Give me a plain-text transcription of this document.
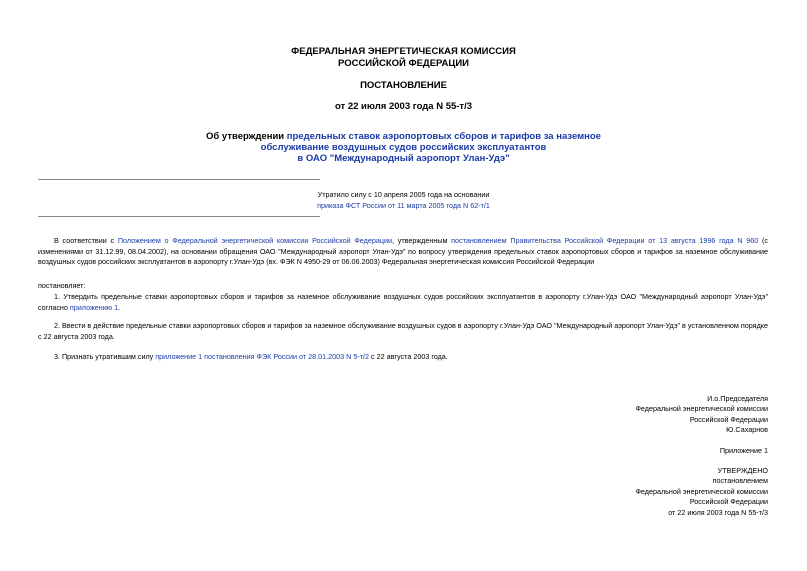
ФЕДЕРАЛЬНАЯ ЭНЕРГЕТИЧЕСКАЯ КОМИССИЯ
РОССИЙСКОЙ ФЕДЕРАЦИИ
ПОСТАНОВЛЕНИЕ
от 22 июля 2003 года N 55-т/3
Об утверждении предельных ставок аэропортовых сборов и тарифов за наземное
обслуживание воздушных судов российских эксплуатантов
в ОАО "Международный аэропорт Улан-Удэ"
Утратило силу с 10 апреля 2005 года на основании
приказа ФСТ России от 11 марта 2005 года N 62-т/1
В соответствии с Положением о Федеральной энергетической комиссии Российской Федерации, утвержденным постановлением Правительства Российской Федерации от 13 августа 1996 года N 960 (с изменениями от 31.12.99, 08.04.2002), на основании обращения ОАО "Международный аэропорт Улан-Удэ" по вопросу утверждения предельных ставок аэропортовых сборов и тарифов за наземное обслуживание воздушных судов российских эксплуатантов в аэропорту г.Улан-Удэ (вх. ФЭК N 4950-29 от 06.06.2003) Федеральная энергетическая комиссия Российской Федерации
постановляет:
1. Утвердить предельные ставки аэропортовых сборов и тарифов за наземное обслуживание воздушных судов российских эксплуатантов в аэропорту г.Улан-Удэ ОАО "Международный аэропорт Улан-Удэ" согласно приложению 1.
2. Ввести в действие предельные ставки аэропортовых сборов и тарифов за наземное обслуживание воздушных судов в аэропорту г.Улан-Удэ ОАО "Международный аэропорт Улан-Удэ" в установленном порядке с 22 августа 2003 года.
3. Признать утратившим силу приложение 1 постановления ФЭК России от 28.01.2003 N 5-т/2 с 22 августа 2003 года.
И.о.Председателя
Федеральной энергетической комиссии
Российской Федерации
Ю.Сахарнов
Приложение 1
УТВЕРЖДЕНО
постановлением
Федеральной энергетической комиссии
Российской Федерации
от 22 июля 2003 года N 55-т/3
